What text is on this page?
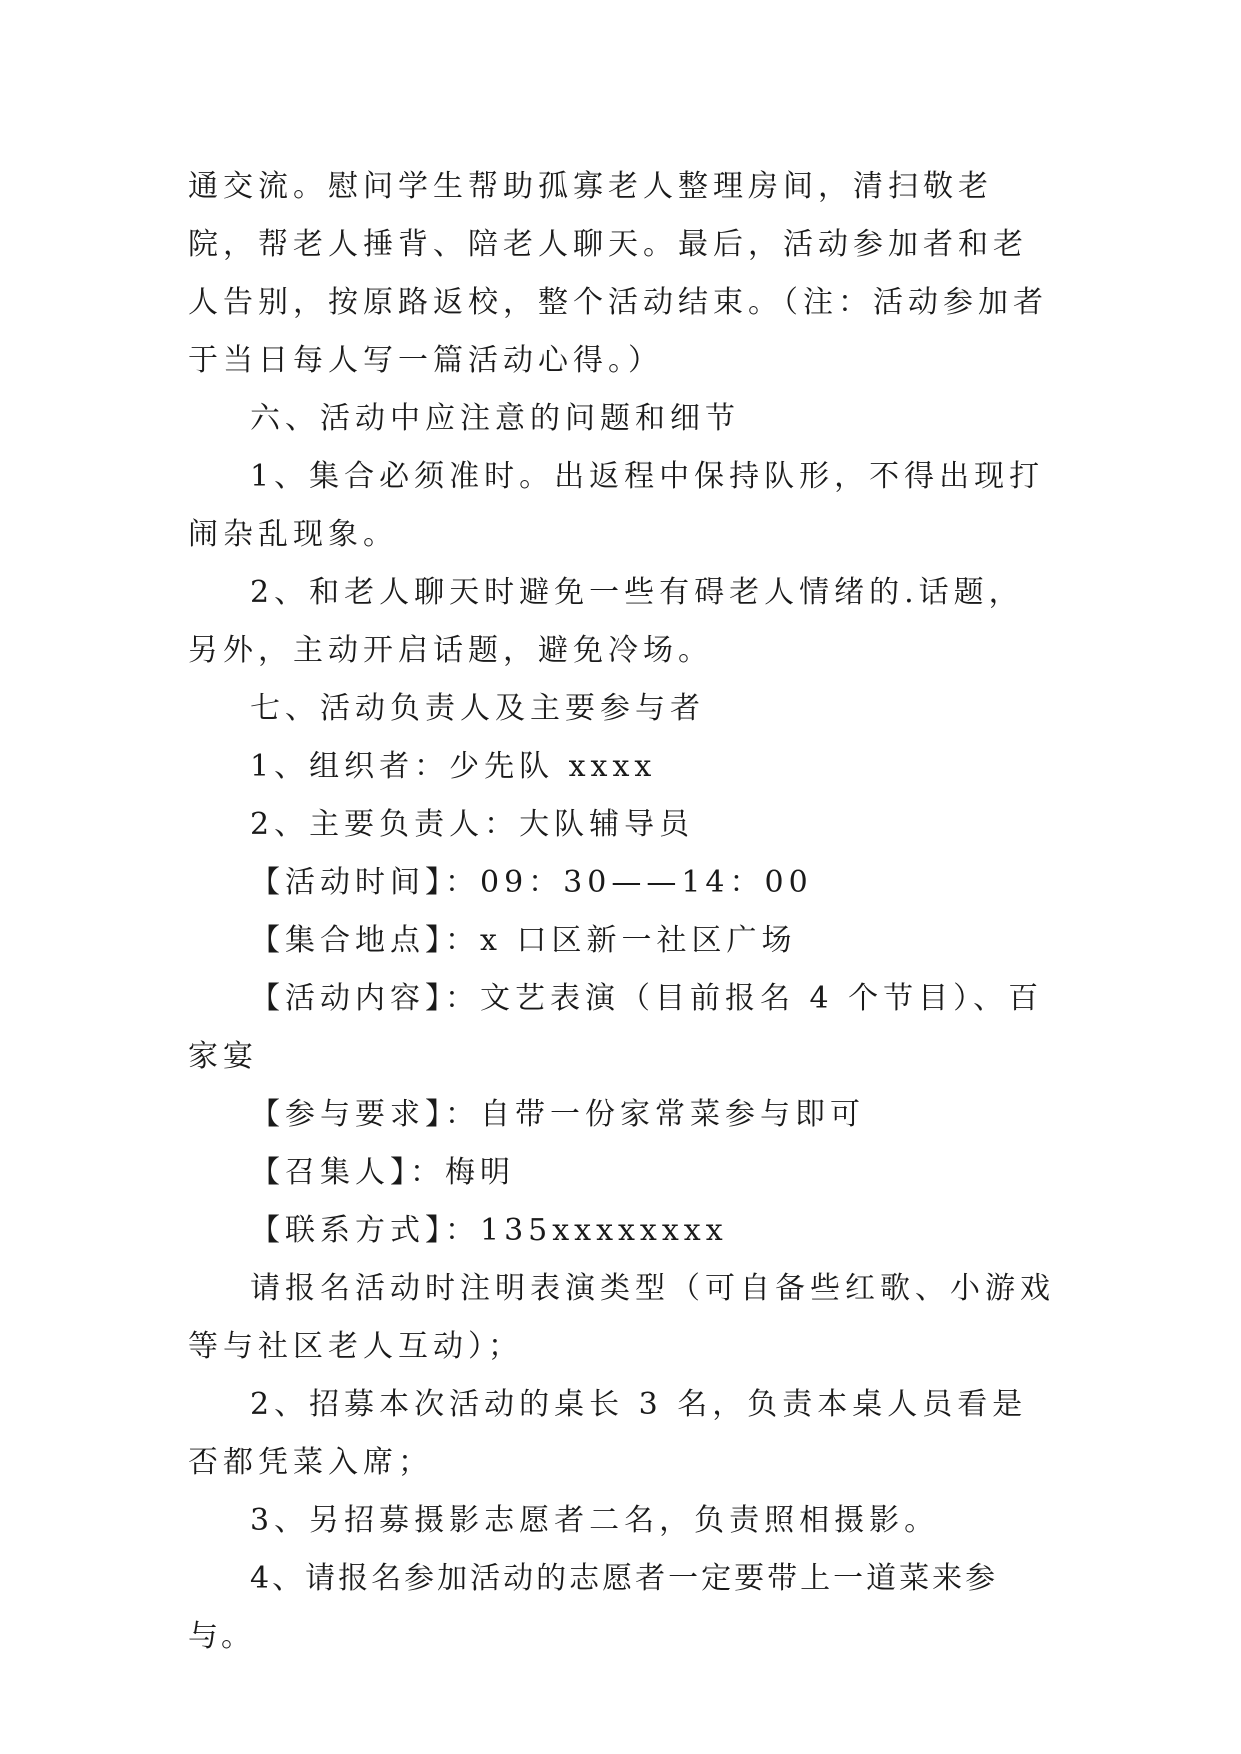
通交流。慰问学生帮助孤寡老人整理房间，清扫敬老院，帮老人捶背、陪老人聊天。最后，活动参加者和老人告别，按原路返校，整个活动结束。（注：活动参加者于当日每人写一篇活动心得。）

六、活动中应注意的问题和细节

1、集合必须准时。出返程中保持队形，不得出现打闹杂乱现象。

2、和老人聊天时避免一些有碍老人情绪的.话题，另外，主动开启话题，避免冷场。

七、活动负责人及主要参与者

1、组织者：少先队 xxxx

2、主要负责人：大队辅导员

【活动时间】：09：30——14：00

【集合地点】：x 口区新一社区广场

【活动内容】：文艺表演（目前报名 4 个节目）、百家宴

【参与要求】：自带一份家常菜参与即可

【召集人】：梅明

【联系方式】：135xxxxxxxx

请报名活动时注明表演类型（可自备些红歌、小游戏等与社区老人互动）；

2、招募本次活动的桌长 3 名，负责本桌人员看是否都凭菜入席；

3、另招募摄影志愿者二名，负责照相摄影。

4、请报名参加活动的志愿者一定要带上一道菜来参与。
